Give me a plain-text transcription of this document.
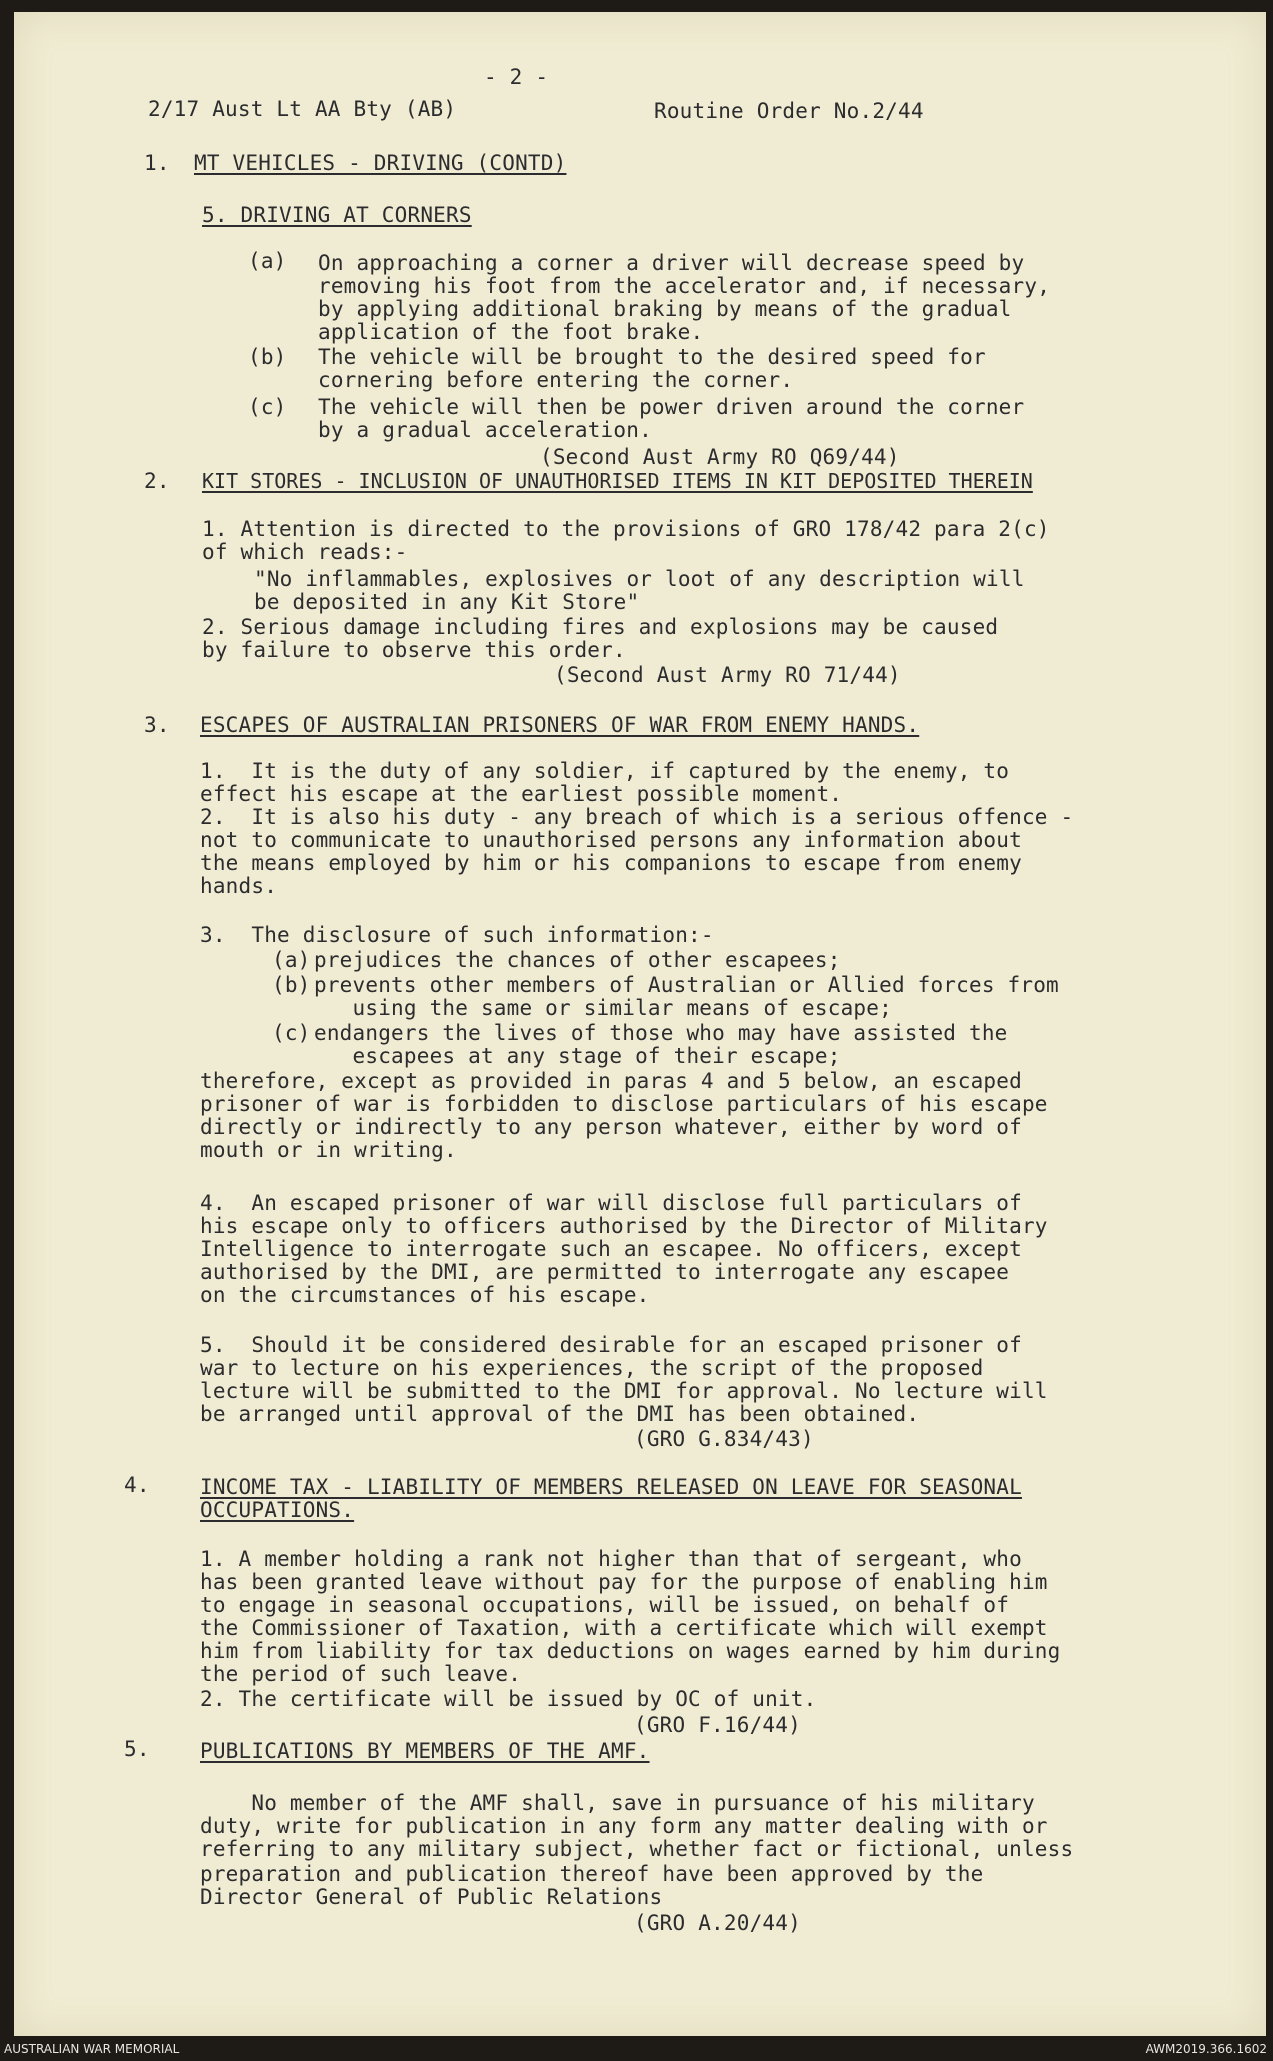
- 2 -
2/17 Aust Lt AA Bty (AB)	Routine Order No.2/44
1. MT VEHICLES - DRIVING (CONTD)
5. DRIVING AT CORNERS
(a) On approaching a corner a driver will decrease speed by
removing his foot from the accelerator and, if necessary,
by applying additional braking by means of the gradual
application of the foot brake.
(b) The vehicle will be brought to the desired speed for
cornering before entering the corner.
(c) The vehicle will then be power driven around the corner
by a gradual acceleration.
(Second Aust Army RO Q69/44)
2. KIT STORES - INCLUSION OF UNAUTHORISED ITEMS IN KIT DEPOSITED THEREIN
1. Attention is directed to the provisions of GRO 178/42 para 2(c)
of which reads:-
"No inflammables, explosives or loot of any description will
be deposited in any Kit Store"
2. Serious damage including fires and explosions may be caused
by failure to observe this order.
(Second Aust Army RO 71/44)
3. ESCAPES OF AUSTRALIAN PRISONERS OF WAR FROM ENEMY HANDS.
1.  It is the duty of any soldier, if captured by the enemy, to
effect his escape at the earliest possible moment.
2.  It is also his duty - any breach of which is a serious offence -
not to communicate to unauthorised persons any information about
the means employed by him or his companions to escape from enemy
hands.
3.  The disclosure of such information:-
(a) prejudices the chances of other escapees;
(b) prevents other members of Australian or Allied forces from
using the same or similar means of escape;
(c) endangers the lives of those who may have assisted the
escapees at any stage of their escape;
therefore, except as provided in paras 4 and 5 below, an escaped
prisoner of war is forbidden to disclose particulars of his escape
directly or indirectly to any person whatever, either by word of
mouth or in writing.
4.  An escaped prisoner of war will disclose full particulars of
his escape only to officers authorised by the Director of Military
Intelligence to interrogate such an escapee. No officers, except
authorised by the DMI, are permitted to interrogate any escapee
on the circumstances of his escape.
5.  Should it be considered desirable for an escaped prisoner of
war to lecture on his experiences, the script of the proposed
lecture will be submitted to the DMI for approval. No lecture will
be arranged until approval of the DMI has been obtained.
(GRO G.834/43)
4. INCOME TAX - LIABILITY OF MEMBERS RELEASED ON LEAVE FOR SEASONAL
OCCUPATIONS.
1. A member holding a rank not higher than that of sergeant, who
has been granted leave without pay for the purpose of enabling him
to engage in seasonal occupations, will be issued, on behalf of
the Commissioner of Taxation, with a certificate which will exempt
him from liability for tax deductions on wages earned by him during
the period of such leave.
2. The certificate will be issued by OC of unit.
(GRO F.16/44)
5. PUBLICATIONS BY MEMBERS OF THE AMF.
No member of the AMF shall, save in pursuance of his military
duty, write for publication in any form any matter dealing with or
referring to any military subject, whether fact or fictional, unless
preparation and publication thereof have been approved by the
Director General of Public Relations
(GRO A.20/44)
AUSTRALIAN WAR MEMORIAL	AWM2019.366.1602
